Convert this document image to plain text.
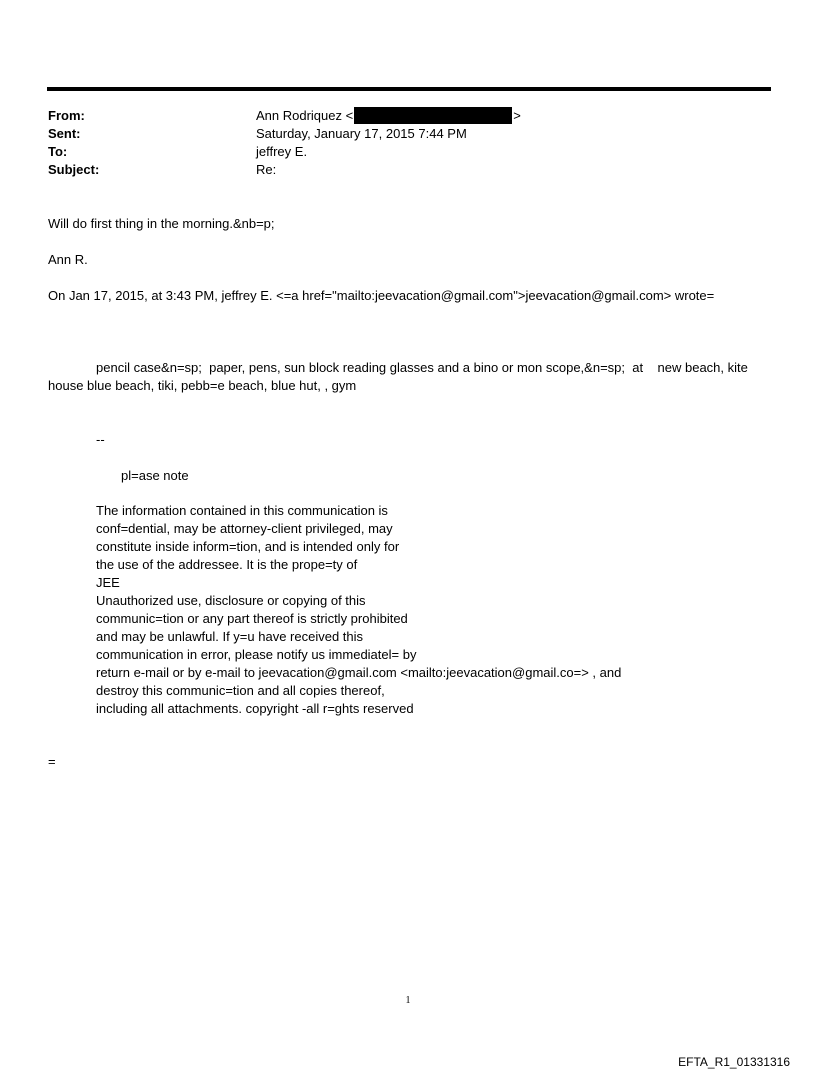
From:	Ann Rodriquez <	>
Sent:	Saturday, January 17, 2015 7:44 PM
To:	jeffrey E.
Subject:	Re:
Will do first thing in the morning.&nb=p;
Ann R.
On Jan 17, 2015, at 3:43 PM, jeffrey E. <=a href="mailto:jeevacation@gmail.com">jeevacation@gmail.com> wrote=
pencil case&n=sp;  paper, pens, sun block reading glasses and a bino or mon scope,&n=sp;  at    new beach, kite
house blue beach, tiki, pebb=e beach, blue hut, , gym
--
pl=ase note
The information contained in this communication is
conf=dential, may be attorney-client privileged, may
constitute inside inform=tion, and is intended only for
the use of the addressee. It is the prope=ty of
JEE
Unauthorized use, disclosure or copying of this
communic=tion or any part thereof is strictly prohibited
and may be unlawful. If y=u have received this
communication in error, please notify us immediatel= by
return e-mail or by e-mail to jeevacation@gmail.com <mailto:jeevacation@gmail.co=> , and
destroy this communic=tion and all copies thereof,
including all attachments. copyright -all r=ghts reserved
=
1
EFTA_R1_01331316
